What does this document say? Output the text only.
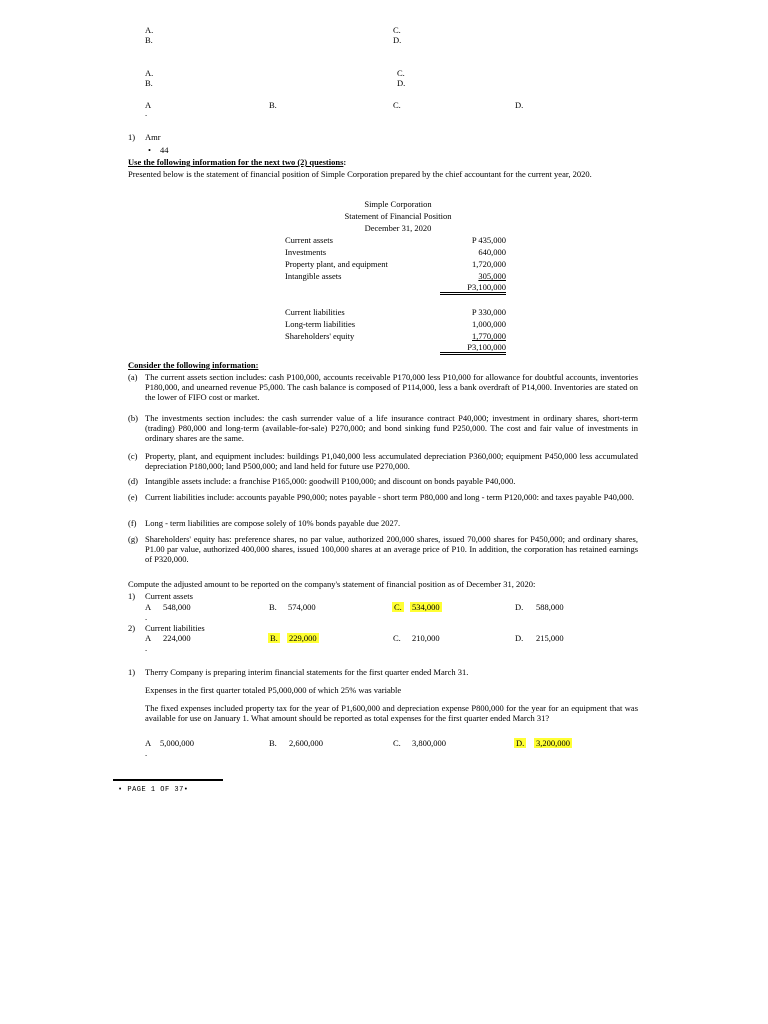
A.	C.
B.	D.
A.	C.
B.	D.
A	B.	C.	D.
.
1) Amr
• 44
Use the following information for the next two (2) questions:
Presented below is the statement of financial position of Simple Corporation prepared by the chief accountant for the current year, 2020.
Simple Corporation
Statement of Financial Position
December 31, 2020
Current assets	P 435,000
Investments	640,000
Property plant, and equipment	1,720,000
Intangible assets	305,000
P3,100,000
Current liabilities	P 330,000
Long-term liabilities	1,000,000
Shareholders' equity	1,770,000
P3,100,000
Consider the following information:
(a) The current assets section includes: cash P100,000, accounts receivable P170,000 less P10,000 for allowance for doubtful accounts, inventories P180,000, and unearned revenue P5,000. The cash balance is composed of P114,000, less a bank overdraft of P14,000. Inventories are stated on the lower of FIFO cost or market.
(b) The investments section includes: the cash surrender value of a life insurance contract P40,000; investment in ordinary shares, short-term (trading) P80,000 and long-term (available-for-sale) P270,000; and bond sinking fund P250,000. The cost and fair value of investments in ordinary shares are the same.
(c) Property, plant, and equipment includes: buildings P1,040,000 less accumulated depreciation P360,000; equipment P450,000 less accumulated depreciation P180,000; land P500,000; and land held for future use P270,000.
(d) Intangible assets include: a franchise P165,000: goodwill P100,000; and discount on bonds payable P40,000.
(e) Current liabilities include: accounts payable P90,000; notes payable - short term P80,000 and long - term P120,000: and taxes payable P40,000.
(f) Long - term liabilities are compose solely of 10% bonds payable due 2027.
(g) Shareholders' equity has: preference shares, no par value, authorized 200,000 shares, issued 70,000 shares for P450,000; and ordinary shares, P1.00 par value, authorized 400,000 shares, issued 100,000 shares at an average price of P10. In addition, the corporation has retained earnings of P320,000.
Compute the adjusted amount to be reported on the company's statement of financial position as of December 31, 2020:
1) Current assets
A 548,000	B. 574,000	C. 534,000	D. 588,000
.
2) Current liabilities
A 224,000	B. 229,000	C. 210,000	D. 215,000
.
1) Therry Company is preparing interim financial statements for the first quarter ended March 31.
Expenses in the first quarter totaled P5,000,000 of which 25% was variable
The fixed expenses included property tax for the year of P1,600,000 and depreciation expense P800,000 for the year for an equipment that was available for use on January 1. What amount should be reported as total expenses for the first quarter ended March 31?
A 5,000,000	B. 2,600,000	C. 3,800,000	D. 3,200,000
.
• PAGE 1 OF 37•
